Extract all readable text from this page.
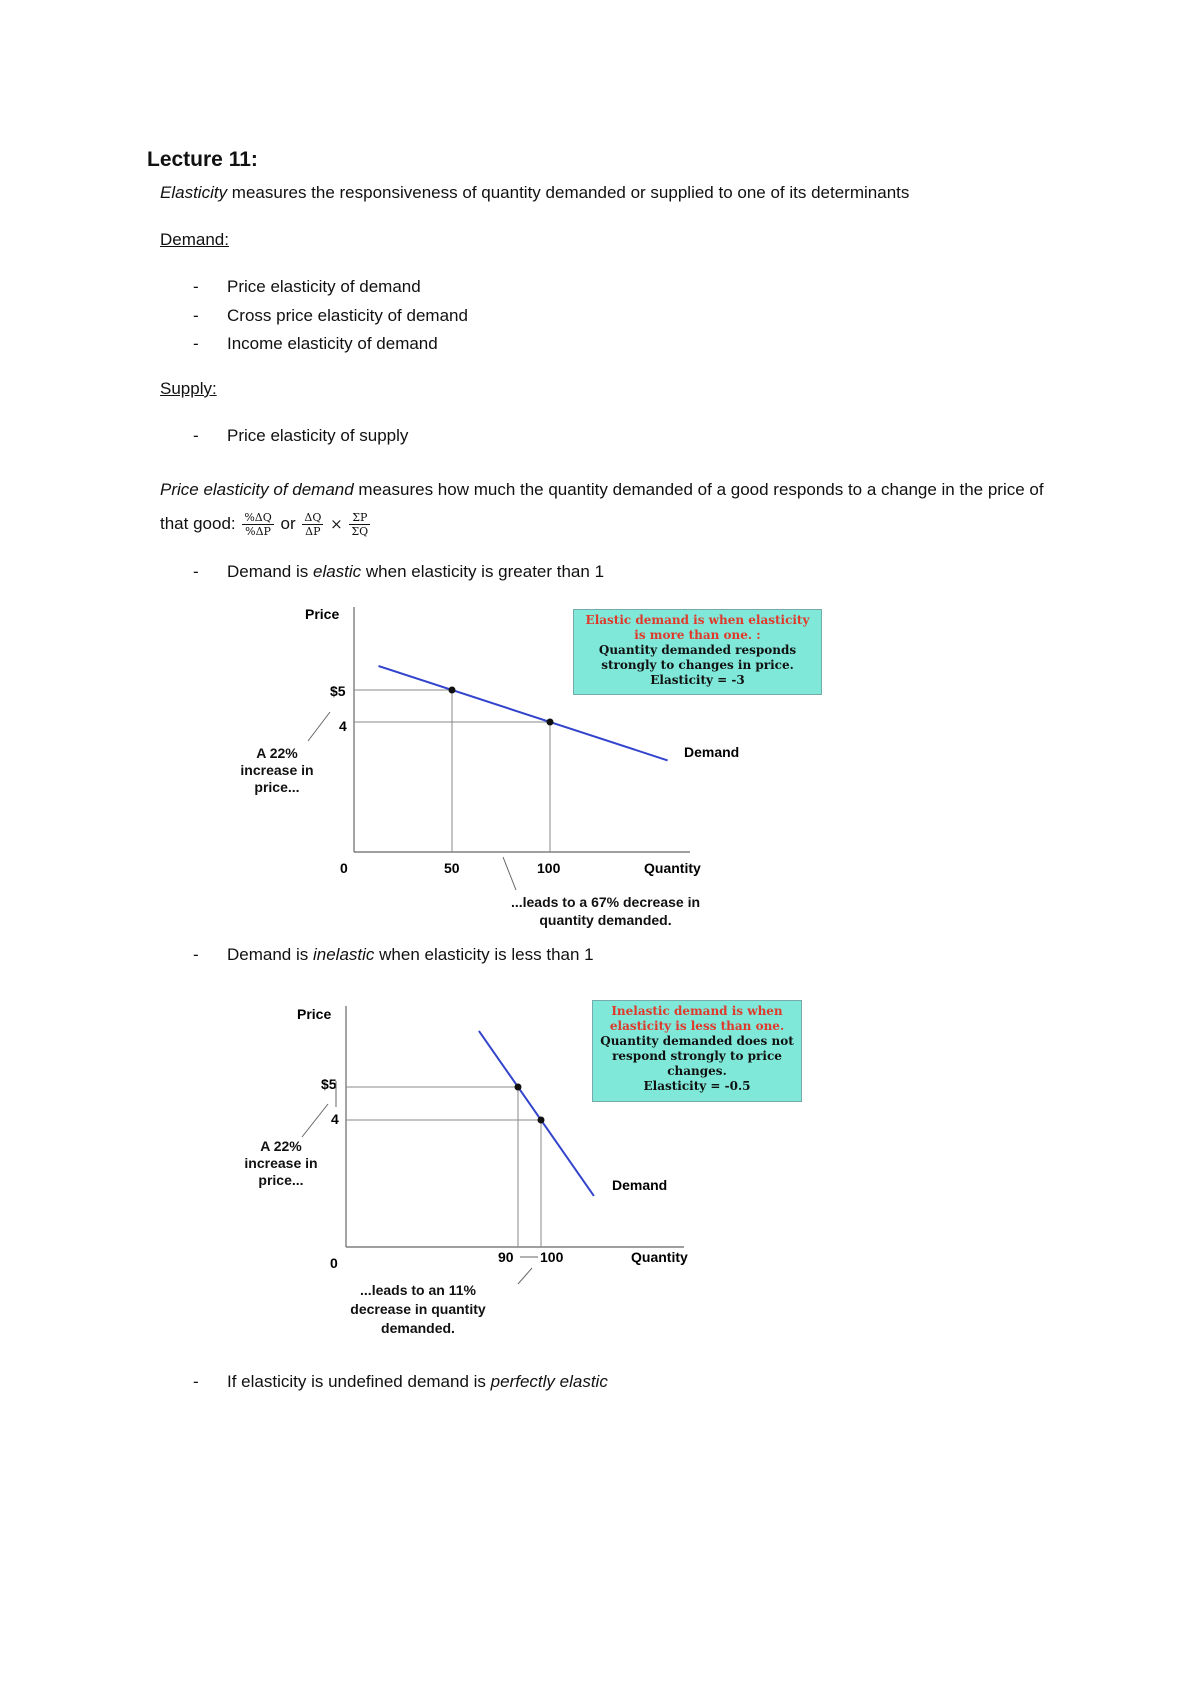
Lecture 11:
Elasticity measures the responsiveness of quantity demanded or supplied to one of its determinants
Demand:
- Price elasticity of demand
- Cross price elasticity of demand
- Income elasticity of demand
Supply:
- Price elasticity of supply
Price elasticity of demand measures how much the quantity demanded of a good responds to a change in the price of that good: $\frac{\%\Delta Q}{\%\Delta P}$ or $\frac{\Delta Q}{\Delta P} \times \frac{\Sigma P}{\Sigma Q}$
- Demand is elastic when elasticity is greater than 1
Price
$5
4
0	50	100	Quantity
Demand
Price
$5
4
0	90 100	Quantity
Demand
A 22% increase in price...
...leads to a 67% decrease in quantity demanded.
Elastic demand is when elasticity is more than one. :
Quantity demanded responds strongly to changes in price.
Elasticity = -3
- Demand is inelastic when elasticity is less than 1
A 22% increase in price...
...leads to an 11% decrease in quantity demanded.
Inelastic demand is when elasticity is less than one.
Quantity demanded does not respond strongly to price changes.
Elasticity = -0.5
- If elasticity is undefined demand is perfectly elastic
